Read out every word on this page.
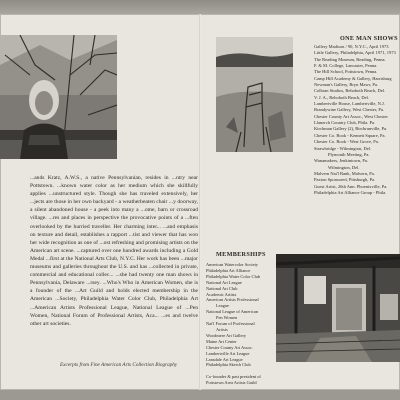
...ands Kratz, A.W.S., a native Pennsylvanian, resides in ...ntry near Pottstown. ...known water color as her medium which she skillfully applies ...unstructured style. Though she has traveled extensively, her ...jects are those in her own backyard - a weatherbeaten chair ...y doorway, a silent abandoned house - a peek into many a ...ome, barn or crossroad village. ...res and places in perspective the provocative points of a ...ften overlooked by the hurried traveller. Her charming inter... ...and emphasis on texture and detail, establishes a rapport ...tist and viewer that has won her wide recognition as one of ...ost refreshing and promising artists on the American art scene. ...captured over one hundred awards including a Gold Medal ...first at the National Arts Club, N.Y.C. Her work has been ...major museums and galleries throughout the U.S. and has ...collected in private, commercial and educational collec... ...she had twenty one man shows in Pennsylvania, Delaware ...rsey. ...Who's Who in American Women, she is a founder of the ...Art Guild and holds elected membership in the American ...Society, Philadelphia Water Color Club, Philadelphia Art ...American Artists Professional League, National League of ...Pen Women, National Forum of Professional Artists, Aca... ...es and twelve other art societies.

Excerpts from Fine American Arts Collection Biography
ONE MAN SHOWS
Gallery Madison / 90, N.Y.C., April 1973
Little Gallery, Philadelphia, April 1971, 1973
The Reading Museum, Reading, Penna.
F. & M. College, Lancaster, Penna.
The Hill School, Pottstown, Penna.
Camp Hill Academy & Gallery, Harrisburg
Newman's Gallery, Bryn Mawr, Pa.
Colbran Studios, Rehoboth Beach, Del.
V. J. A., Rehoboth Beach, Del.
Lambertville House, Lambertville, N.J.
Brandywine Gallery, West Chester, Pa.
Chester County Art Assoc., West Chester
Llanerch Country Club, Phila. Pa.
Kirchman Gallery (2), Birchrunville, Pa.
Chester Co. Book - Kennett Square, Pa.
Chester Co. Book - West Grove, Pa.
Strawbridge - Wilmington, Del.
Plymouth Meeting, Pa.
Wanamakers, Jenkintown, Pa.
Wilmington, Del.
Malvern Nat'l Bank, Malvern, Pa.
Paxton Sponsored, Pittsburgh, Pa.
Guest Artist, 26th Ann. Phoenixville, Pa.
Philadelphia Art Alliance Group - Phila.
MEMBERSHIPS
American Watercolor Society
Philadelphia Art Alliance
Philadelphia Water Color Club
National Art League
National Art Club
Academic Artists
American Artists Professional
League
National League of American
Pen Women
Nat'l Forum of Professional
Artists
Woodmere Art Gallery
Maine Art Center
Chester County Art Assoc.
Lambertville Art League
Lansdale Art League
Philadelphia Sketch Club

Co-founder & past president of
Pottstown Area Artists Guild
